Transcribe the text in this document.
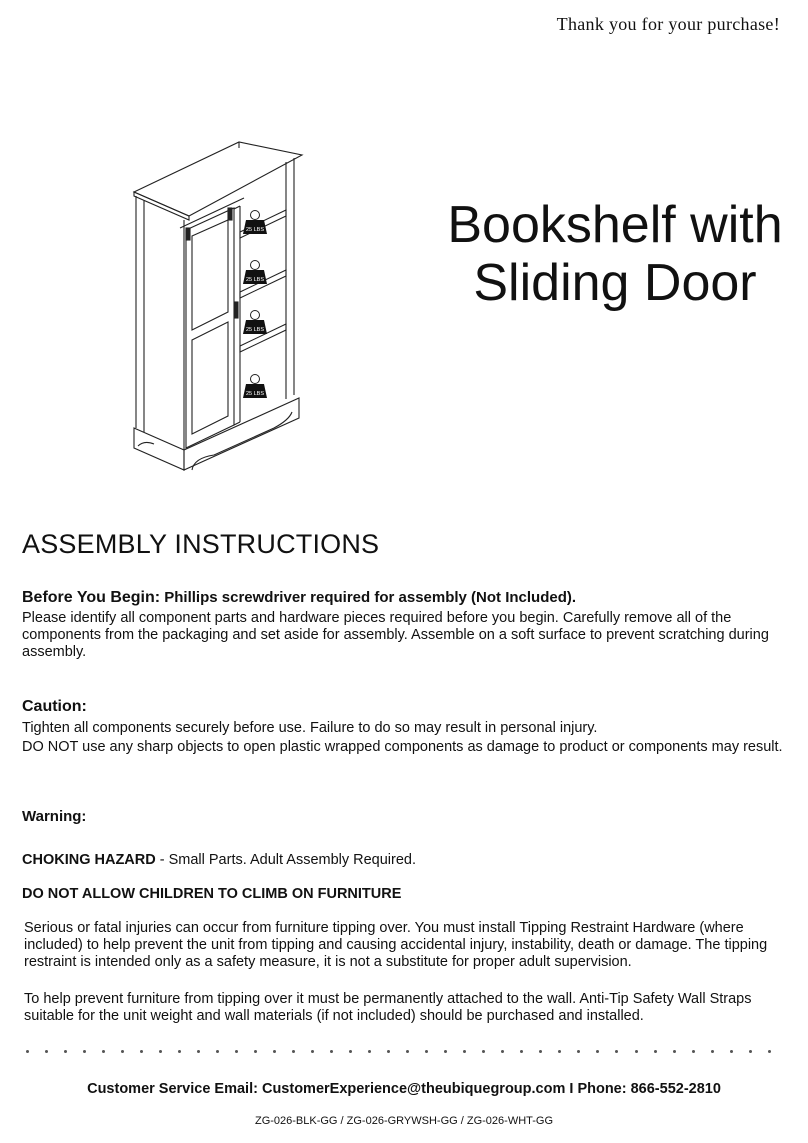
Thank you for your purchase!
25 LBS
25 LBS
25 LBS
25 LBS
Bookshelf with
Sliding Door
ASSEMBLY INSTRUCTIONS

Before You Begin: Phillips screwdriver required for assembly (Not Included).

Please identify all component parts and hardware pieces required before you begin. Carefully remove all of the components from the packaging and set aside for assembly. Assemble on a soft surface to prevent scratching during assembly.

Caution:

Tighten all components securely before use. Failure to do so may result in personal injury.

DO NOT use any sharp objects to open plastic wrapped components as damage to product or components may result.

Warning:

CHOKING HAZARD - Small Parts. Adult Assembly Required.

DO NOT ALLOW CHILDREN TO CLIMB ON FURNITURE

Serious or fatal injuries can occur from furniture tipping over. You must install Tipping Restraint Hardware (where included) to help prevent the unit from tipping and causing accidental injury, instability, death or damage. The tipping restraint is intended only as a safety measure, it is not a substitute for proper adult supervision.

To help prevent furniture from tipping over it must be permanently attached to the wall. Anti-Tip Safety Wall Straps suitable for the unit weight and wall materials (if not included) should be purchased and installed.

Customer Service Email: CustomerExperience@theubiquegroup.com I Phone: 866-552-2810

ZG-026-BLK-GG / ZG-026-GRYWSH-GG / ZG-026-WHT-GG
